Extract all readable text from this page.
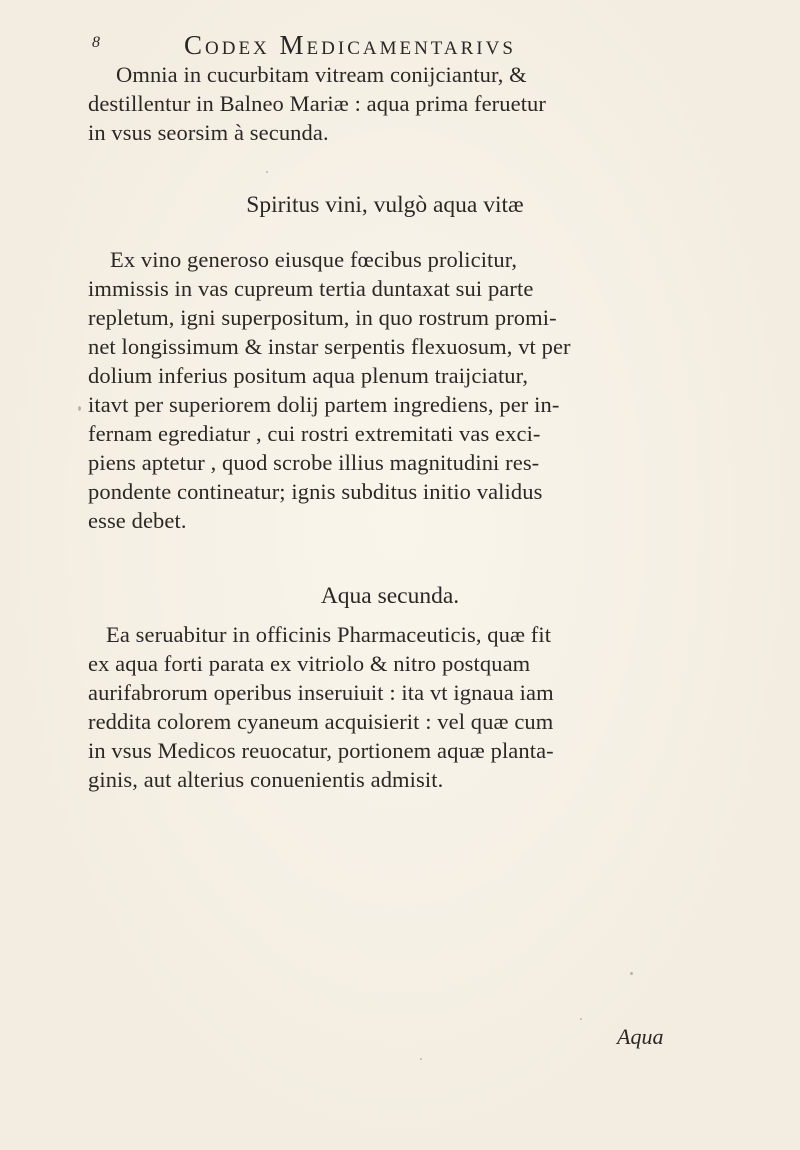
8	Codex Medicamentarivs
Omnia in cucurbitam vitream conijciantur, &
destillentur in Balneo Mariæ : aqua prima feruetur
in vsus seorsim à secunda.
Spiritus vini, vulgò aqua vitæ
Ex vino generoso eiusque fœcibus prolicitur,
immissis in vas cupreum tertia duntaxat sui parte
repletum, igni superpositum, in quo rostrum promi-
net longissimum & instar serpentis flexuosum, vt per
dolium inferius positum aqua plenum traijciatur,
itavt per superiorem dolij partem ingrediens, per in-
fernam egrediatur , cui rostri extremitati vas exci-
piens aptetur , quod scrobe illius magnitudini res-
pondente contineatur; ignis subditus initio validus
esse debet.
Aqua secunda.
Ea seruabitur in officinis Pharmaceuticis, quæ fit
ex aqua forti parata ex vitriolo & nitro postquam
aurifabrorum operibus inseruiuit : ita vt ignaua iam
reddita colorem cyaneum acquisierit : vel quæ cum
in vsus Medicos reuocatur, portionem aquæ planta-
ginis, aut alterius conuenientis admisit.
Aqua
